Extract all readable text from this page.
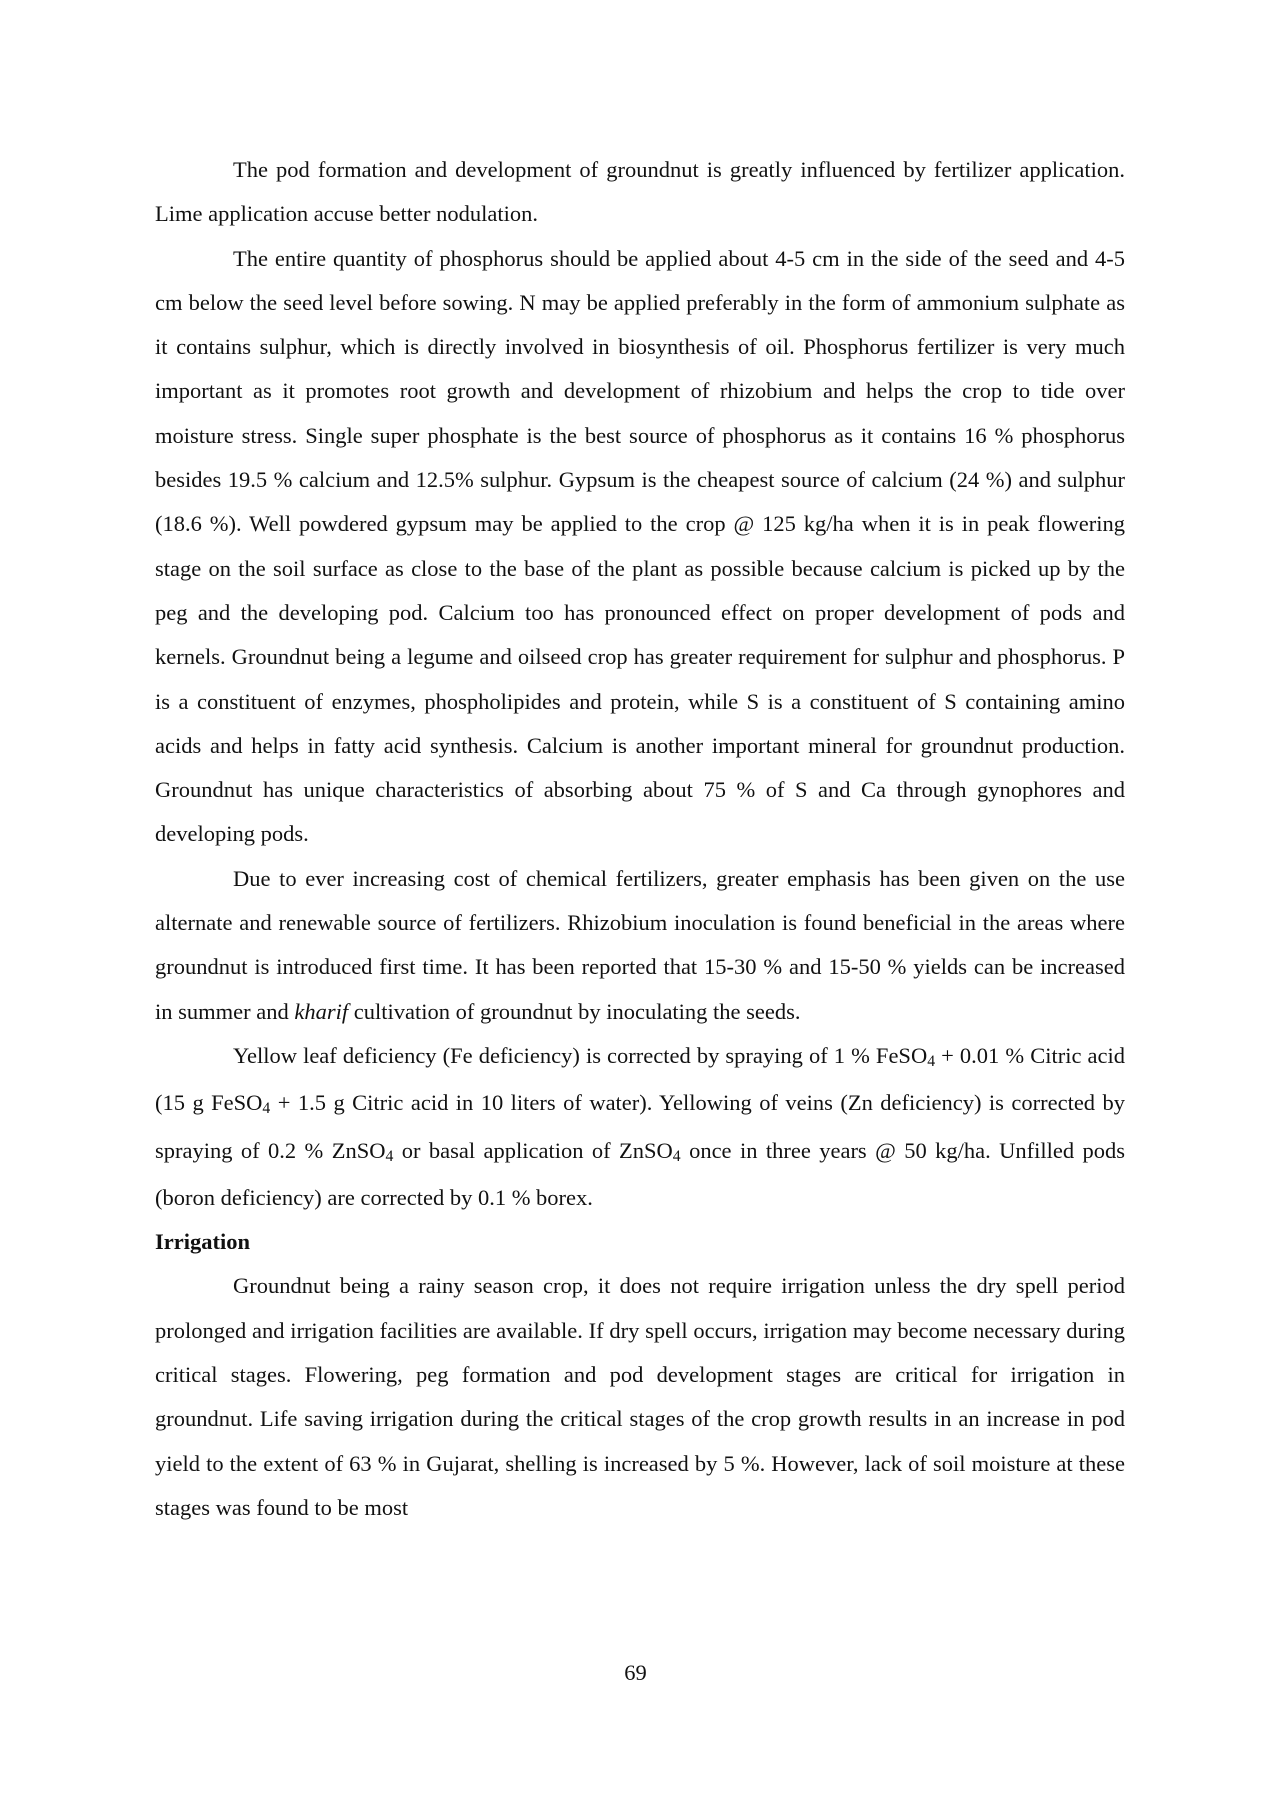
The pod formation and development of groundnut is greatly influenced by fertilizer application. Lime application accuse better nodulation.

The entire quantity of phosphorus should be applied about 4-5 cm in the side of the seed and 4-5 cm below the seed level before sowing. N may be applied preferably in the form of ammonium sulphate as it contains sulphur, which is directly involved in biosynthesis of oil. Phosphorus fertilizer is very much important as it promotes root growth and development of rhizobium and helps the crop to tide over moisture stress. Single super phosphate is the best source of phosphorus as it contains 16 % phosphorus besides 19.5 % calcium and 12.5% sulphur. Gypsum is the cheapest source of calcium (24 %) and sulphur (18.6 %). Well powdered gypsum may be applied to the crop @ 125 kg/ha when it is in peak flowering stage on the soil surface as close to the base of the plant as possible because calcium is picked up by the peg and the developing pod. Calcium too has pronounced effect on proper development of pods and kernels. Groundnut being a legume and oilseed crop has greater requirement for sulphur and phosphorus. P is a constituent of enzymes, phospholipides and protein, while S is a constituent of S containing amino acids and helps in fatty acid synthesis. Calcium is another important mineral for groundnut production. Groundnut has unique characteristics of absorbing about 75 % of S and Ca through gynophores and developing pods.

Due to ever increasing cost of chemical fertilizers, greater emphasis has been given on the use alternate and renewable source of fertilizers. Rhizobium inoculation is found beneficial in the areas where groundnut is introduced first time. It has been reported that 15-30 % and 15-50 % yields can be increased in summer and kharif cultivation of groundnut by inoculating the seeds.

Yellow leaf deficiency (Fe deficiency) is corrected by spraying of 1 % FeSO$_4$ + 0.01 % Citric acid (15 g FeSO$_4$ + 1.5 g Citric acid in 10 liters of water). Yellowing of veins (Zn deficiency) is corrected by spraying of 0.2 % ZnSO$_4$ or basal application of ZnSO$_4$ once in three years @ 50 kg/ha. Unfilled pods (boron deficiency) are corrected by 0.1 % borex.

Irrigation

Groundnut being a rainy season crop, it does not require irrigation unless the dry spell period prolonged and irrigation facilities are available. If dry spell occurs, irrigation may become necessary during critical stages. Flowering, peg formation and pod development stages are critical for irrigation in groundnut. Life saving irrigation during the critical stages of the crop growth results in an increase in pod yield to the extent of 63 % in Gujarat, shelling is increased by 5 %. However, lack of soil moisture at these stages was found to be most

69
